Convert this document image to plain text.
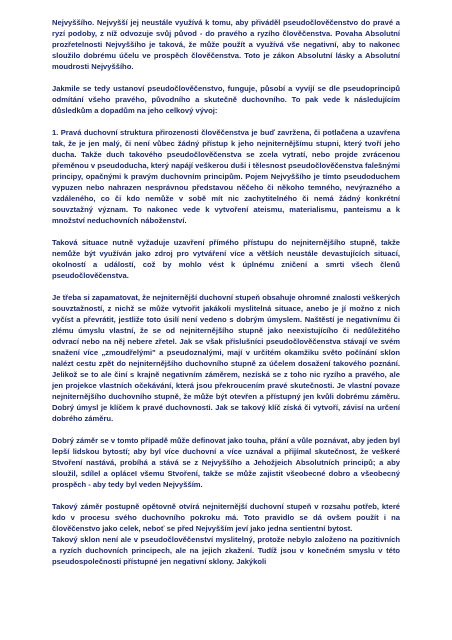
Nejvyššího. Nejvyšší jej neustále využívá k tomu, aby přiváděl pseudočlověčenstvo do pravé a ryzí podoby, z níž odvozuje svůj původ - do pravého a ryzího člověčenstva. Povaha Absolutní prozřetelnosti Nejvyššího je taková, že může použít a využívá vše negativní, aby to nakonec sloužilo dobrému účelu ve prospěch člověčenstva. Toto je zákon Absolutní lásky a Absolutní moudrosti Nejvyššího.

Jakmile se tedy ustanoví pseudočlověčenstvo, funguje, působí a vyvíjí se dle pseudoprincipů odmítání všeho pravého, původního a skutečně duchovního. To pak vede k následujícím důsledkům a dopadům na jeho celkový vývoj:

1. Pravá duchovní struktura přirozenosti člověčenstva je buď zavržena, či potlačena a uzavřena tak, že je jen malý, či není vůbec žádný přístup k jeho nejniternějšímu stupni, který tvoří jeho ducha. Takže duch takového pseudočlověčenstva se zcela vytratí, nebo projde zvrácenou přeměnou v pseudoducha, který napájí veškerou duši i tělesnost pseudočlověčenstva falešnými principy, opačnými k pravým duchovním principům. Pojem Nejvyššího je tímto pseudoduchem vypuzen nebo nahrazen nesprávnou představou něčeho či někoho temného, nevýrazného a vzdáleného, co či kdo nemůže v sobě mít nic zachytitelného či nemá žádný konkrétní souvztažný význam. To nakonec vede k vytvoření ateismu, materialismu, panteismu a k množství neduchovních náboženství.

Taková situace nutně vyžaduje uzavření přímého přístupu do nejniternějšího stupně, takže nemůže být využíván jako zdroj pro vytváření více a větších neustále devastujících situací, okolností a událostí, což by mohlo vést k úplnému zničení a smrti všech členů pseudočlověčenstva.

Je třeba si zapamatovat, že nejniternější duchovní stupeň obsahuje ohromné znalosti veškerých souvztažností, z nichž se může vytvořit jakákoli myslitelná situace, anebo je jí možno z nich vyčíst a převrátit, jestliže toto úsilí není vedeno s dobrým úmyslem. Naštěstí je negativnímu či zlému úmyslu vlastní, že se od nejniternějšího stupně jako neexistujícího či nedůležitého odvrací nebo na něj nebere zřetel. Jak se však příslušníci pseudočlověčenstva stávají ve svém snažení více „zmoudřelými" a pseudoznalými, mají v určitém okamžiku světo počínání sklon nalézt cestu zpět do nejniternějšího duchovního stupně za účelem dosažení takového poznání. Jelikož se to ale činí s krajně negativním záměrem, nezíská se z toho nic ryzího a pravého, ale jen projekce vlastních očekávání, která jsou překroucením pravé skutečnosti. Je vlastní povaze nejniternějšího duchovního stupně, že může být otevřen a přístupný jen kvůli dobrému záměru. Dobrý úmysl je klíčem k pravé duchovnosti. Jak se takový klíč získá či vytvoří, závisí na určení dobrého záměru.

Dobrý záměr se v tomto případě může definovat jako touha, přání a vůle poznávat, aby jeden byl lepší lidskou bytostí; aby byl více duchovní a více uznával a přijímal skutečnost, že veškeré Stvoření nastává, probíhá a stává se z Nejvyššího a Jehožjeich Absolutních principů; a aby sloužil, sdílel a opláceI všemu Stvoření, takže se může zajistit všeobecné dobro a všeobecný prospěch - aby tedy byl veden Nejvyšším.

Takový záměr postupně opětovně otvírá nejniternější duchovní stupeň v rozsahu potřeb, které kdo v procesu svého duchovního pokroku má. Toto pravidlo se dá ovšem použít i na člověčenstvo jako celek, neboť se před Nejvyšším jeví jako jedna sentientní bytost.

Takový sklon není ale v pseudočlověčenství myslitelný, protože nebylo založeno na pozitivních a ryzích duchovních principech, ale na jejich zkažení. Tudíž jsou v konečném smyslu v této pseudospolečnosti přístupné jen negativní sklony. Jakýkoli
